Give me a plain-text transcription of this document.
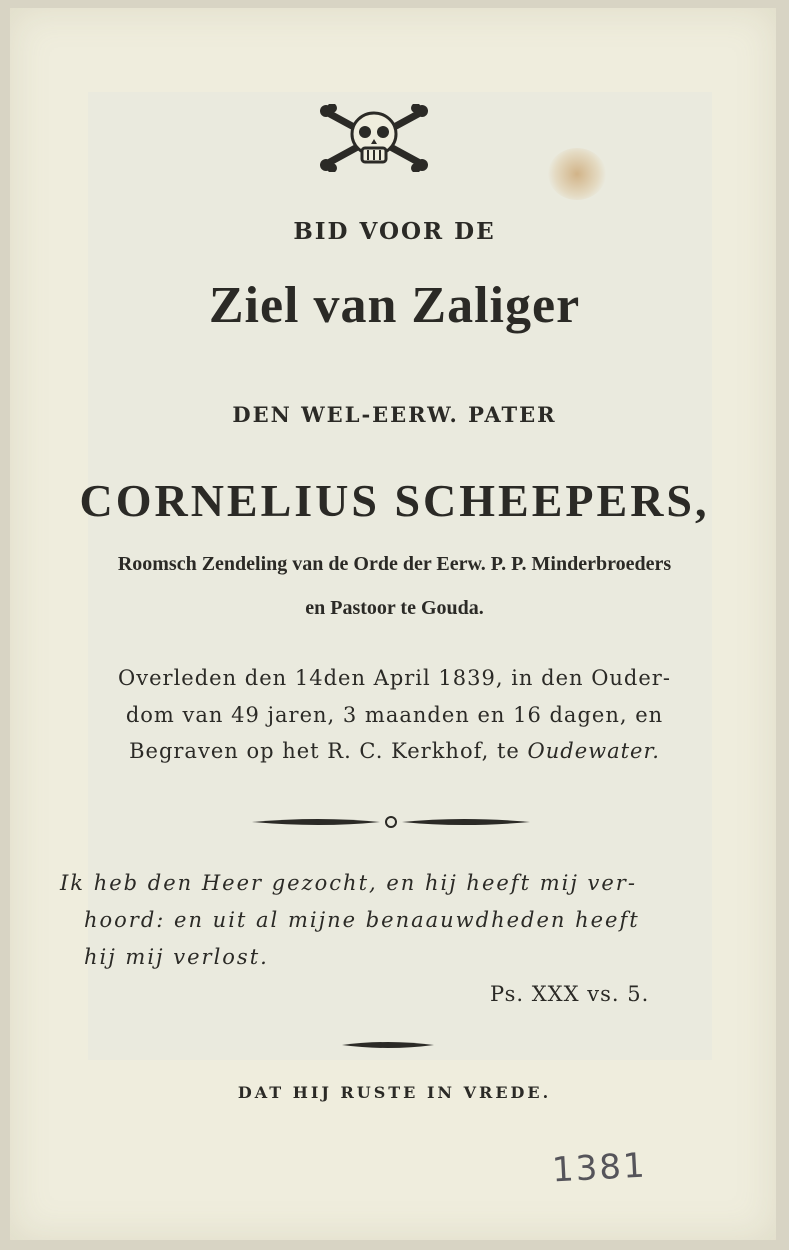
BID VOOR DE
Ziel van Zaliger
DEN WEL-EERW. PATER
CORNELIUS SCHEEPERS,
Roomsch Zendeling van de Orde der Eerw. P. P. Minderbroeders
en Pastoor te Gouda.
Overleden den 14den April 1839, in den Ouder-
dom van 49 jaren, 3 maanden en 16 dagen, en
Begraven op het R. C. Kerkhof, te Oudewater.
Ik heb den Heer gezocht, en hij heeft mij ver-
hoord: en uit al mijne benaauwdheden heeft
hij mij verlost.
Ps. XXX vs. 5.
DAT HIJ RUSTE IN VREDE.
1381
